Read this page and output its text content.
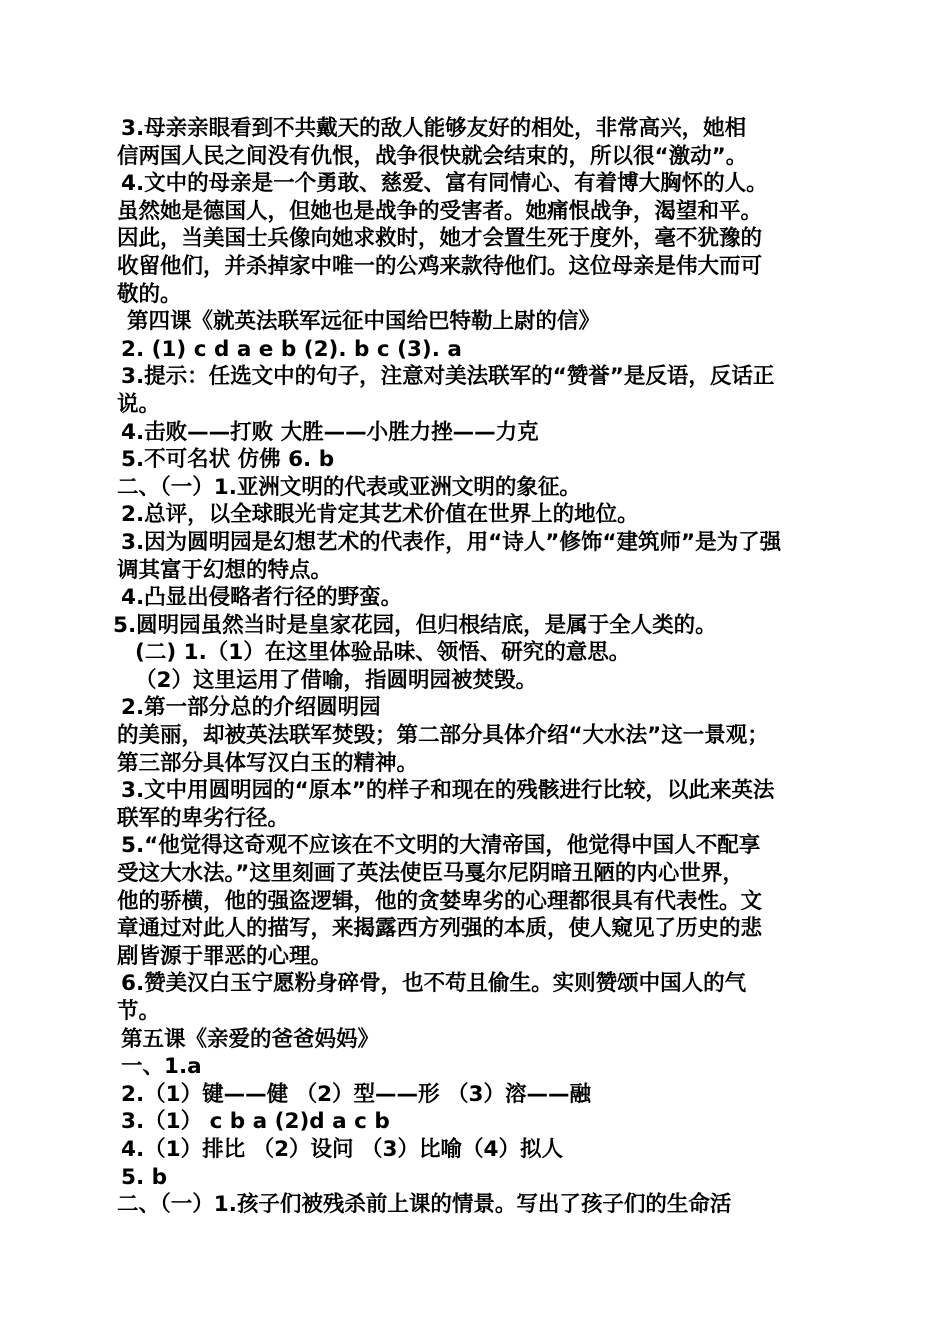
3.母亲亲眼看到不共戴天的敌人能够友好的相处，非常高兴，她相
信两国人民之间没有仇恨，战争很快就会结束的，所以很“激动”。
4.文中的母亲是一个勇敢、慈爱、富有同情心、有着博大胸怀的人。
虽然她是德国人，但她也是战争的受害者。她痛恨战争，渴望和平。
因此，当美国士兵像向她求救时，她才会置生死于度外，毫不犹豫的
收留他们，并杀掉家中唯一的公鸡来款待他们。这位母亲是伟大而可
敬的。
第四课《就英法联军远征中国给巴特勒上尉的信》
2. (1) c d a e b (2). b c (3). a
3.提示：任选文中的句子，注意对美法联军的“赞誉”是反语，反话正
说。
4.击败——打败 大胜——小胜力挫——力克
5.不可名状 仿佛 6. b
二、（一）1.亚洲文明的代表或亚洲文明的象征。
2.总评，以全球眼光肯定其艺术价值在世界上的地位。
3.因为圆明园是幻想艺术的代表作，用“诗人”修饰“建筑师”是为了强
调其富于幻想的特点。
4.凸显出侵略者行径的野蛮。
5.圆明园虽然当时是皇家花园，但归根结底，是属于全人类的。
(二) 1.（1）在这里体验品味、领悟、研究的意思。
（2）这里运用了借喻，指圆明园被焚毁。
2.第一部分总的介绍圆明园
的美丽，却被英法联军焚毁；第二部分具体介绍“大水法”这一景观；
第三部分具体写汉白玉的精神。
3.文中用圆明园的“原本”的样子和现在的残骸进行比较，以此来英法
联军的卑劣行径。
5.“他觉得这奇观不应该在不文明的大清帝国，他觉得中国人不配享
受这大水法。”这里刻画了英法使臣马戛尔尼阴暗丑陋的内心世界，
他的骄横，他的强盗逻辑，他的贪婪卑劣的心理都很具有代表性。文
章通过对此人的描写，来揭露西方列强的本质，使人窥见了历史的悲
剧皆源于罪恶的心理。
6.赞美汉白玉宁愿粉身碎骨，也不苟且偷生。实则赞颂中国人的气
节。
第五课《亲爱的爸爸妈妈》
一、1.a
2.（1）键——健 （2）型——形 （3）溶——融
3.（1） c b a (2)d a c b
4.（1）排比 （2）设问 （3）比喻（4）拟人
5. b
二、（一）1.孩子们被残杀前上课的情景。写出了孩子们的生命活
